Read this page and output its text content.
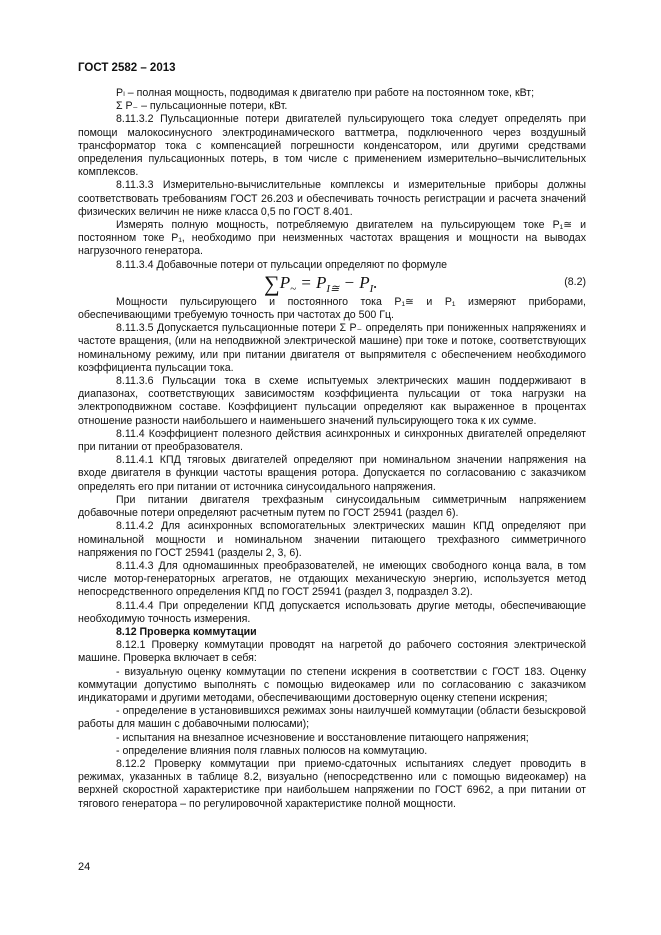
ГОСТ 2582 – 2013

Pₗ – полная мощность, подводимая к двигателю при работе на постоянном токе, кВт;

Σ P₋ – пульсационные потери, кВт.

8.11.3.2 Пульсационные потери двигателей пульсирующего тока следует определять при помощи малокосинусного электродинамического ваттметра, подключенного через воздушный трансформатор тока с компенсацией погрешности конденсатором, или другими средствами определения пульсационных потерь, в том числе с применением измерительно–вычислительных комплексов.

8.11.3.3 Измерительно-вычислительные комплексы и измерительные приборы должны соответствовать требованиям ГОСТ 26.203 и обеспечивать точность регистрации и расчета значений физических величин не ниже класса 0,5 по ГОСТ 8.401.

Измерять полную мощность, потребляемую двигателем на пульсирующем токе P₁≅ и постоянном токе P₁, необходимо при неизменных частотах вращения и мощности на выводах нагрузочного генератора.

8.11.3.4 Добавочные потери от пульсации определяют по формуле

$\sum P_\sim = P_{I≅} - P_I$.	(8.2)

Мощности пульсирующего и постоянного тока P₁≅ и P₁ измеряют приборами, обеспечивающими требуемую точность при частотах до 500 Гц.

8.11.3.5 Допускается пульсационные потери Σ P₋ определять при пониженных напряжениях и частоте вращения, (или на неподвижной электрической машине) при токе и потоке, соответствующих номинальному режиму, или при питании двигателя от выпрямителя с обеспечением необходимого коэффициента пульсации тока.

8.11.3.6 Пульсации тока в схеме испытуемых электрических машин поддерживают в диапазонах, соответствующих зависимостям коэффициента пульсации от тока нагрузки на электроподвижном составе. Коэффициент пульсации определяют как выраженное в процентах отношение разности наибольшего и наименьшего значений пульсирующего тока к их сумме.

8.11.4 Коэффициент полезного действия асинхронных и синхронных двигателей определяют при питании от преобразователя.

8.11.4.1 КПД тяговых двигателей определяют при номинальном значении напряжения на входе двигателя в функции частоты вращения ротора. Допускается по согласованию с заказчиком определять его при питании от источника синусоидального напряжения.

При питании двигателя трехфазным синусоидальным симметричным напряжением добавочные потери определяют расчетным путем по ГОСТ 25941 (раздел 6).

8.11.4.2 Для асинхронных вспомогательных электрических машин КПД определяют при номинальной мощности и номинальном значении питающего трехфазного симметричного напряжения по ГОСТ 25941 (разделы 2, 3, 6).

8.11.4.3 Для одномашинных преобразователей, не имеющих свободного конца вала, в том числе мотор-генераторных агрегатов, не отдающих механическую энергию, используется метод непосредственного определения КПД по ГОСТ 25941 (раздел 3, подраздел 3.2).

8.11.4.4 При определении КПД допускается использовать другие методы, обеспечивающие необходимую точность измерения.

8.12 Проверка коммутации

8.12.1 Проверку коммутации проводят на нагретой до рабочего состояния электрической машине. Проверка включает в себя:

- визуальную оценку коммутации по степени искрения в соответствии с ГОСТ 183. Оценку коммутации допустимо выполнять с помощью видеокамер или по согласованию с заказчиком индикаторами и другими методами, обеспечивающими достоверную оценку степени искрения;

- определение в установившихся режимах зоны наилучшей коммутации (области безыскровой работы для машин с добавочными полюсами);

- испытания на внезапное исчезновение и восстановление питающего напряжения;

- определение влияния поля главных полюсов на коммутацию.

8.12.2 Проверку коммутации при приемо-сдаточных испытаниях следует проводить в режимах, указанных в таблице 8.2, визуально (непосредственно или с помощью видеокамер) на верхней скоростной характеристике при наибольшем напряжении по ГОСТ 6962, а при питании от тягового генератора – по регулировочной характеристике полной мощности.

24
